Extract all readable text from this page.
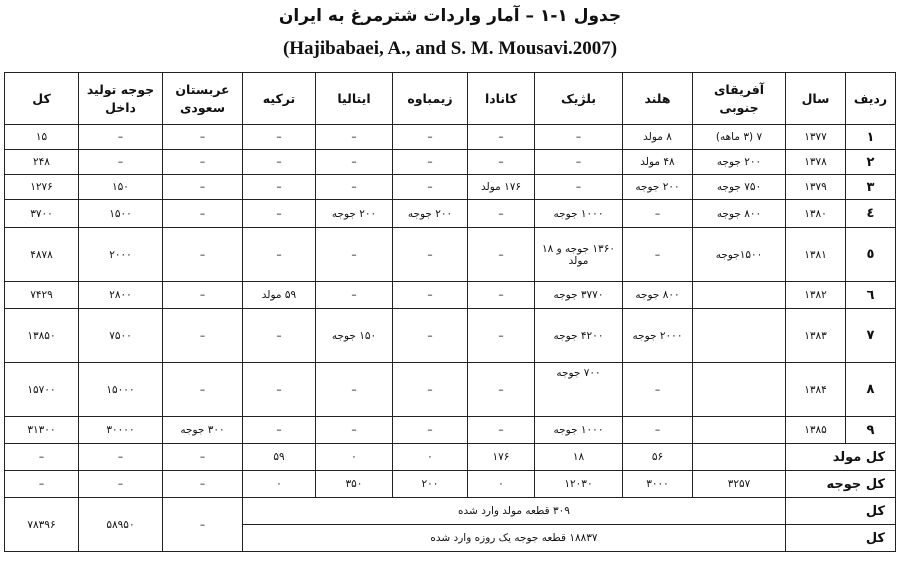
جدول ۱-۱ – آمار واردات شترمرغ به ایران
(Hajibabaei, A., and S. M. Mousavi.2007)
ردیف	سال	آفریقای جنوبی	هلند	بلژیک	کانادا	زیمباوه	ایتالیا	ترکیه	عربستان سعودی	جوجه تولید داخل	کل
۱	۱۳۷۷	۷ (۳ ماهه)	۸ مولد	–	–	–	–	–	–	–	۱۵
۲	۱۳۷۸	۲۰۰ جوجه	۴۸ مولد	–	–	–	–	–	–	–	۲۴۸
۳	۱۳۷۹	۷۵۰ جوجه	۲۰۰ جوجه	–	۱۷۶ مولد	–	–	–	–	۱۵۰	۱۲۷۶
٤	۱۳۸۰	۸۰۰ جوجه	–	۱۰۰۰ جوجه	–	۲۰۰ جوجه	۲۰۰ جوجه	–	–	۱۵۰۰	۳۷۰۰
٥	۱۳۸۱	۱۵۰۰جوجه	–	۱۳۶۰ جوجه و ۱۸ مولد	–	–	–	–	–	۲۰۰۰	۴۸۷۸
٦	۱۳۸۲		۸۰۰ جوجه	۳۷۷۰ جوجه	–	–	–	۵۹ مولد	–	۲۸۰۰	۷۴۲۹
۷	۱۳۸۳		۲۰۰۰ جوجه	۴۲۰۰ جوجه	–	–	۱۵۰ جوجه	–	–	۷۵۰۰	۱۳۸۵۰
۸	۱۳۸۴		–	۷۰۰ جوجه	–	–	–	–	–	۱۵۰۰۰	۱۵۷۰۰
۹	۱۳۸۵		–	۱۰۰۰ جوجه	–	–	–	–	۳۰۰ جوجه	۳۰۰۰۰	۳۱۳۰۰
کل مولد			۵۶	۱۸	۱۷۶	۰	۰	۵۹	–	–	–
کل جوجه		۳۲۵۷	۳۰۰۰	۱۲۰۳۰	۰	۲۰۰	۳۵۰	۰	–	–	–
کل		۳۰۹ قطعه مولد وارد شده							–	۵۸۹۵۰	۷۸۳۹۶
کل		۱۸۸۳۷ قطعه جوجه یک روزه وارد شده									
